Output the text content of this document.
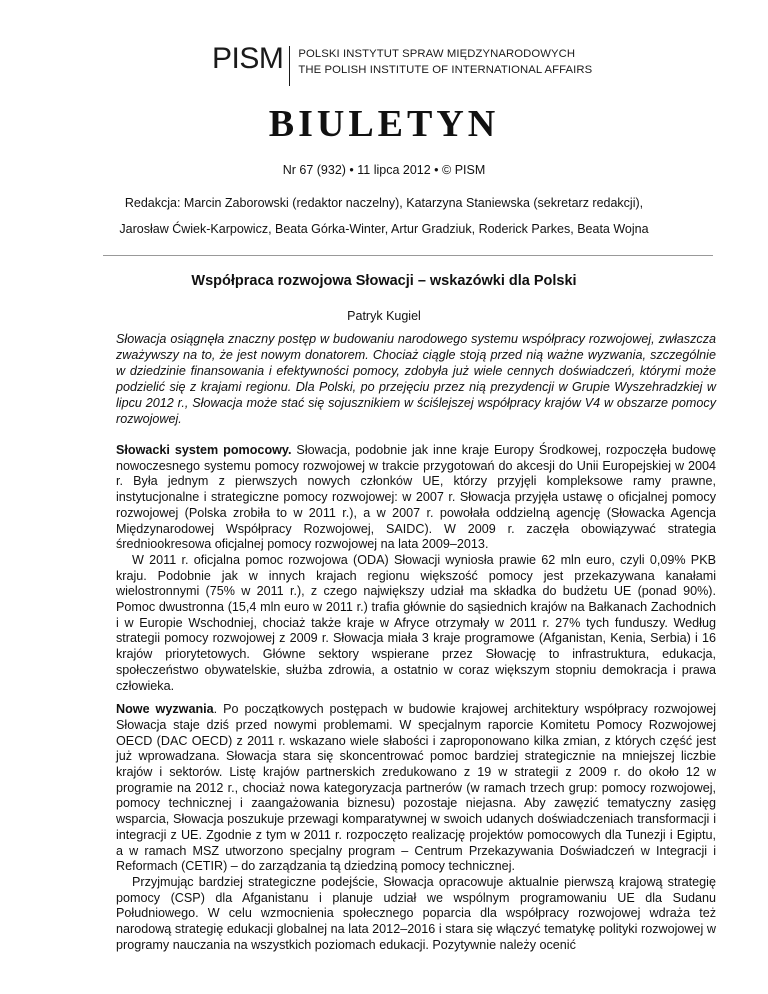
PISM	POLSKI INSTYTUT SPRAW MIĘDZYNARODOWYCH
THE POLISH INSTITUTE OF INTERNATIONAL AFFAIRS
BIULETYN
Nr 67 (932) • 11 lipca 2012 • © PISM
Redakcja: Marcin Zaborowski (redaktor naczelny), Katarzyna Staniewska (sekretarz redakcji),
Jarosław Ćwiek-Karpowicz, Beata Górka-Winter, Artur Gradziuk, Roderick Parkes, Beata Wojna
Współpraca rozwojowa Słowacji – wskazówki dla Polski
Patryk Kugiel
Słowacja osiągnęła znaczny postęp w budowaniu narodowego systemu współpracy rozwojowej, zwłaszcza zważywszy na to, że jest nowym donatorem. Chociaż ciągle stoją przed nią ważne wyzwania, szczególnie w dziedzinie finansowania i efektywności pomocy, zdobyła już wiele cennych doświadczeń, którymi może podzielić się z krajami regionu. Dla Polski, po przejęciu przez nią prezydencji w Grupie Wyszehradzkiej w lipcu 2012 r., Słowacja może stać się sojusznikiem w ściślejszej współpracy krajów V4 w obszarze pomocy rozwojowej.

Słowacki system pomocowy. Słowacja, podobnie jak inne kraje Europy Środkowej, rozpoczęła budowę nowoczesnego systemu pomocy rozwojowej w trakcie przygotowań do akcesji do Unii Europejskiej w 2004 r. Była jednym z pierwszych nowych członków UE, którzy przyjęli kompleksowe ramy prawne, instytucjonalne i strategiczne pomocy rozwojowej: w 2007 r. Słowacja przyjęła ustawę o oficjalnej pomocy rozwojowej (Polska zrobiła to w 2011 r.), a w 2007 r. powołała oddzielną agencję (Słowacka Agencja Międzynarodowej Współpracy Rozwojowej, SAIDC). W 2009 r. zaczęła obowiązywać strategia średniookresowa oficjalnej pomocy rozwojowej na lata 2009–2013.

W 2011 r. oficjalna pomoc rozwojowa (ODA) Słowacji wyniosła prawie 62 mln euro, czyli 0,09% PKB kraju. Podobnie jak w innych krajach regionu większość pomocy jest przekazywana kanałami wielostronnymi (75% w 2011 r.), z czego największy udział ma składka do budżetu UE (ponad 90%). Pomoc dwustronna (15,4 mln euro w 2011 r.) trafia głównie do sąsiednich krajów na Bałkanach Zachodnich i w Europie Wschodniej, chociaż także kraje w Afryce otrzymały w 2011 r. 27% tych funduszy. Według strategii pomocy rozwojowej z 2009 r. Słowacja miała 3 kraje programowe (Afganistan, Kenia, Serbia) i 16 krajów priorytetowych. Główne sektory wspierane przez Słowację to infrastruktura, edukacja, społeczeństwo obywatelskie, służba zdrowia, a ostatnio w coraz większym stopniu demokracja i prawa człowieka.

Nowe wyzwania. Po początkowych postępach w budowie krajowej architektury współpracy rozwojowej Słowacja staje dziś przed nowymi problemami. W specjalnym raporcie Komitetu Pomocy Rozwojowej OECD (DAC OECD) z 2011 r. wskazano wiele słabości i zaproponowano kilka zmian, z których część jest już wprowadzana. Słowacja stara się skoncentrować pomoc bardziej strategicznie na mniejszej liczbie krajów i sektorów. Listę krajów partnerskich zredukowano z 19 w strategii z 2009 r. do około 12 w programie na 2012 r., chociaż nowa kategoryzacja partnerów (w ramach trzech grup: pomocy rozwojowej, pomocy technicznej i zaangażowania biznesu) pozostaje niejasna. Aby zawęzić tematyczny zasięg wsparcia, Słowacja poszukuje przewagi komparatywnej w swoich udanych doświadczeniach transformacji i integracji z UE. Zgodnie z tym w 2011 r. rozpoczęto realizację projektów pomocowych dla Tunezji i Egiptu, a w ramach MSZ utworzono specjalny program – Centrum Przekazywania Doświadczeń w Integracji i Reformach (CETIR) – do zarządzania tą dziedziną pomocy technicznej.

Przyjmując bardziej strategiczne podejście, Słowacja opracowuje aktualnie pierwszą krajową strategię pomocy (CSP) dla Afganistanu i planuje udział we wspólnym programowaniu UE dla Sudanu Południowego. W celu wzmocnienia społecznego poparcia dla współpracy rozwojowej wdraża też narodową strategię edukacji globalnej na lata 2012–2016 i stara się włączyć tematykę polityki rozwojowej w programy nauczania na wszystkich poziomach edukacji. Pozytywnie należy ocenić
